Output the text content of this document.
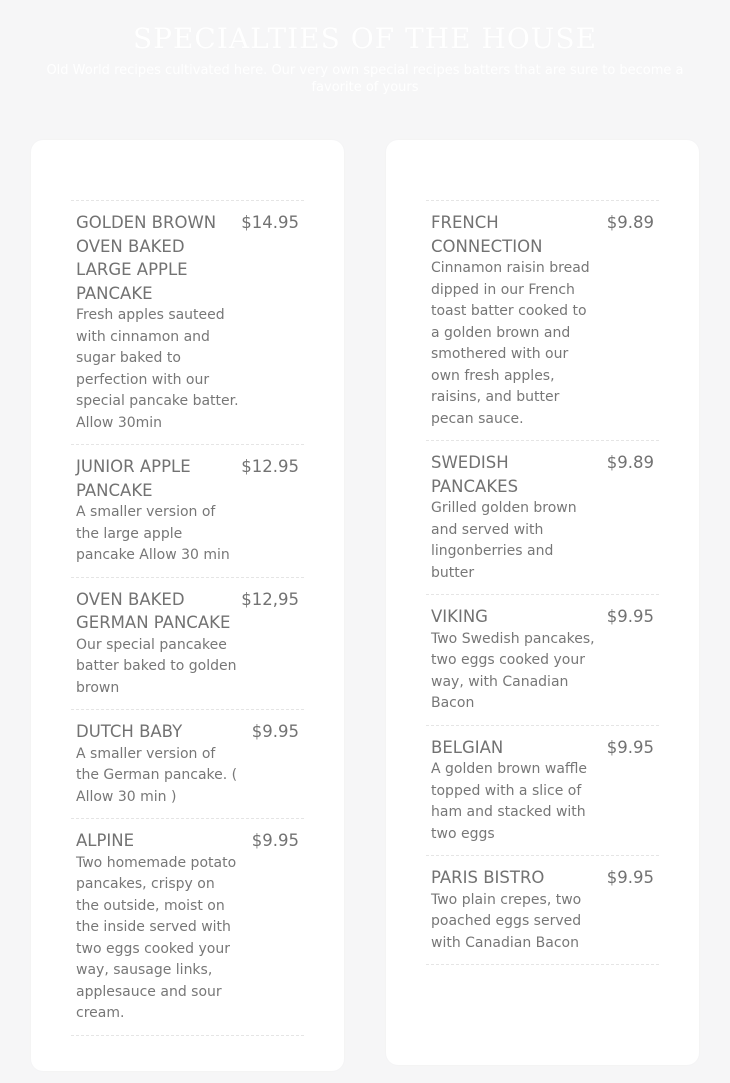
SPECIALTIES OF THE HOUSE
Old World recipes cultivated here. Our very own special recipes batters that are sure to become a favorite of yours
GOLDEN BROWN OVEN BAKED LARGE APPLE PANCAKE
$14.95
Fresh apples sauteed with cinnamon and sugar baked to perfection with our special pancake batter. Allow 30min
JUNIOR APPLE PANCAKE
$12.95
A smaller version of the large apple pancake Allow 30 min
OVEN BAKED GERMAN PANCAKE
$12,95
Our special pancakee batter baked to golden brown
DUTCH BABY	$9.95
A smaller version of the German pancake. ( Allow 30 min )
ALPINE	$9.95
Two homemade potato pancakes, crispy on the outside, moist on the inside served with two eggs cooked your way, sausage links, applesauce and sour cream.
FRENCH CONNECTION
$9.89
Cinnamon raisin bread dipped in our French toast batter cooked to a golden brown and smothered with our own fresh apples, raisins, and butter pecan sauce.
SWEDISH PANCAKES
$9.89
Grilled golden brown and served with lingonberries and butter
VIKING	$9.95
Two Swedish pancakes, two eggs cooked your way, with Canadian Bacon
BELGIAN	$9.95
A golden brown waffle topped with a slice of ham and stacked with two eggs
PARIS BISTRO	$9.95
Two plain crepes, two poached eggs served with Canadian Bacon
